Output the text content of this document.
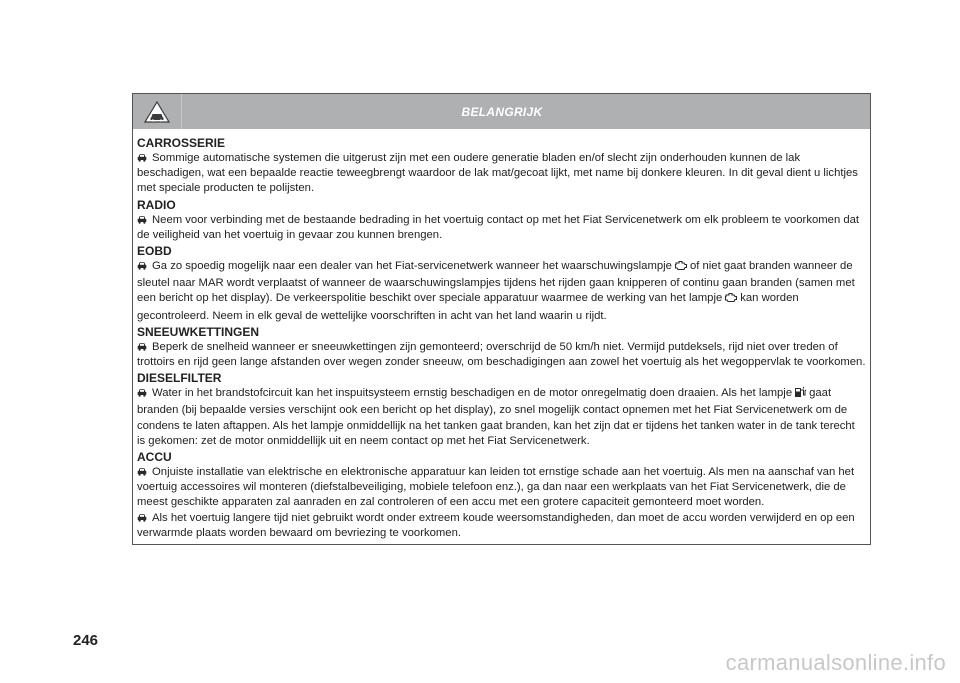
BELANGRIJK
CARROSSERIE

Sommige automatische systemen die uitgerust zijn met een oudere generatie bladen en/of slecht zijn onderhouden kunnen de lak beschadigen, wat een bepaalde reactie teweegbrengt waardoor de lak mat/gecoat lijkt, met name bij donkere kleuren. In dit geval dient u lichtjes met speciale producten te polijsten.

RADIO

Neem voor verbinding met de bestaande bedrading in het voertuig contact op met het Fiat Servicenetwerk om elk probleem te voorkomen dat de veiligheid van het voertuig in gevaar zou kunnen brengen.

EOBD

Ga zo spoedig mogelijk naar een dealer van het Fiat-servicenetwerk wanneer het waarschuwingslampje of niet gaat branden wanneer de sleutel naar MAR wordt verplaatst of wanneer de waarschuwingslampjes tijdens het rijden gaan knipperen of continu gaan branden (samen met een bericht op het display). De verkeerspolitie beschikt over speciale apparatuur waarmee de werking van het lampje kan worden gecontroleerd. Neem in elk geval de wettelijke voorschriften in acht van het land waarin u rijdt.

SNEEUWKETTINGEN

Beperk de snelheid wanneer er sneeuwkettingen zijn gemonteerd; overschrijd de 50 km/h niet. Vermijd putdeksels, rijd niet over treden of trottoirs en rijd geen lange afstanden over wegen zonder sneeuw, om beschadigingen aan zowel het voertuig als het wegoppervlak te voorkomen.

DIESELFILTER

Water in het brandstofcircuit kan het inspuitsysteem ernstig beschadigen en de motor onregelmatig doen draaien. Als het lampje gaat branden (bij bepaalde versies verschijnt ook een bericht op het display), zo snel mogelijk contact opnemen met het Fiat Servicenetwerk om de condens te laten aftappen. Als het lampje onmiddellijk na het tanken gaat branden, kan het zijn dat er tijdens het tanken water in de tank terecht is gekomen: zet de motor onmiddellijk uit en neem contact op met het Fiat Servicenetwerk.

ACCU

Onjuiste installatie van elektrische en elektronische apparatuur kan leiden tot ernstige schade aan het voertuig. Als men na aanschaf van het voertuig accessoires wil monteren (diefstalbeveiliging, mobiele telefoon enz.), ga dan naar een werkplaats van het Fiat Servicenetwerk, die de meest geschikte apparaten zal aanraden en zal controleren of een accu met een grotere capaciteit gemonteerd moet worden.

Als het voertuig langere tijd niet gebruikt wordt onder extreem koude weersomstandigheden, dan moet de accu worden verwijderd en op een verwarmde plaats worden bewaard om bevriezing te voorkomen.

246
carmanualsonline.info
